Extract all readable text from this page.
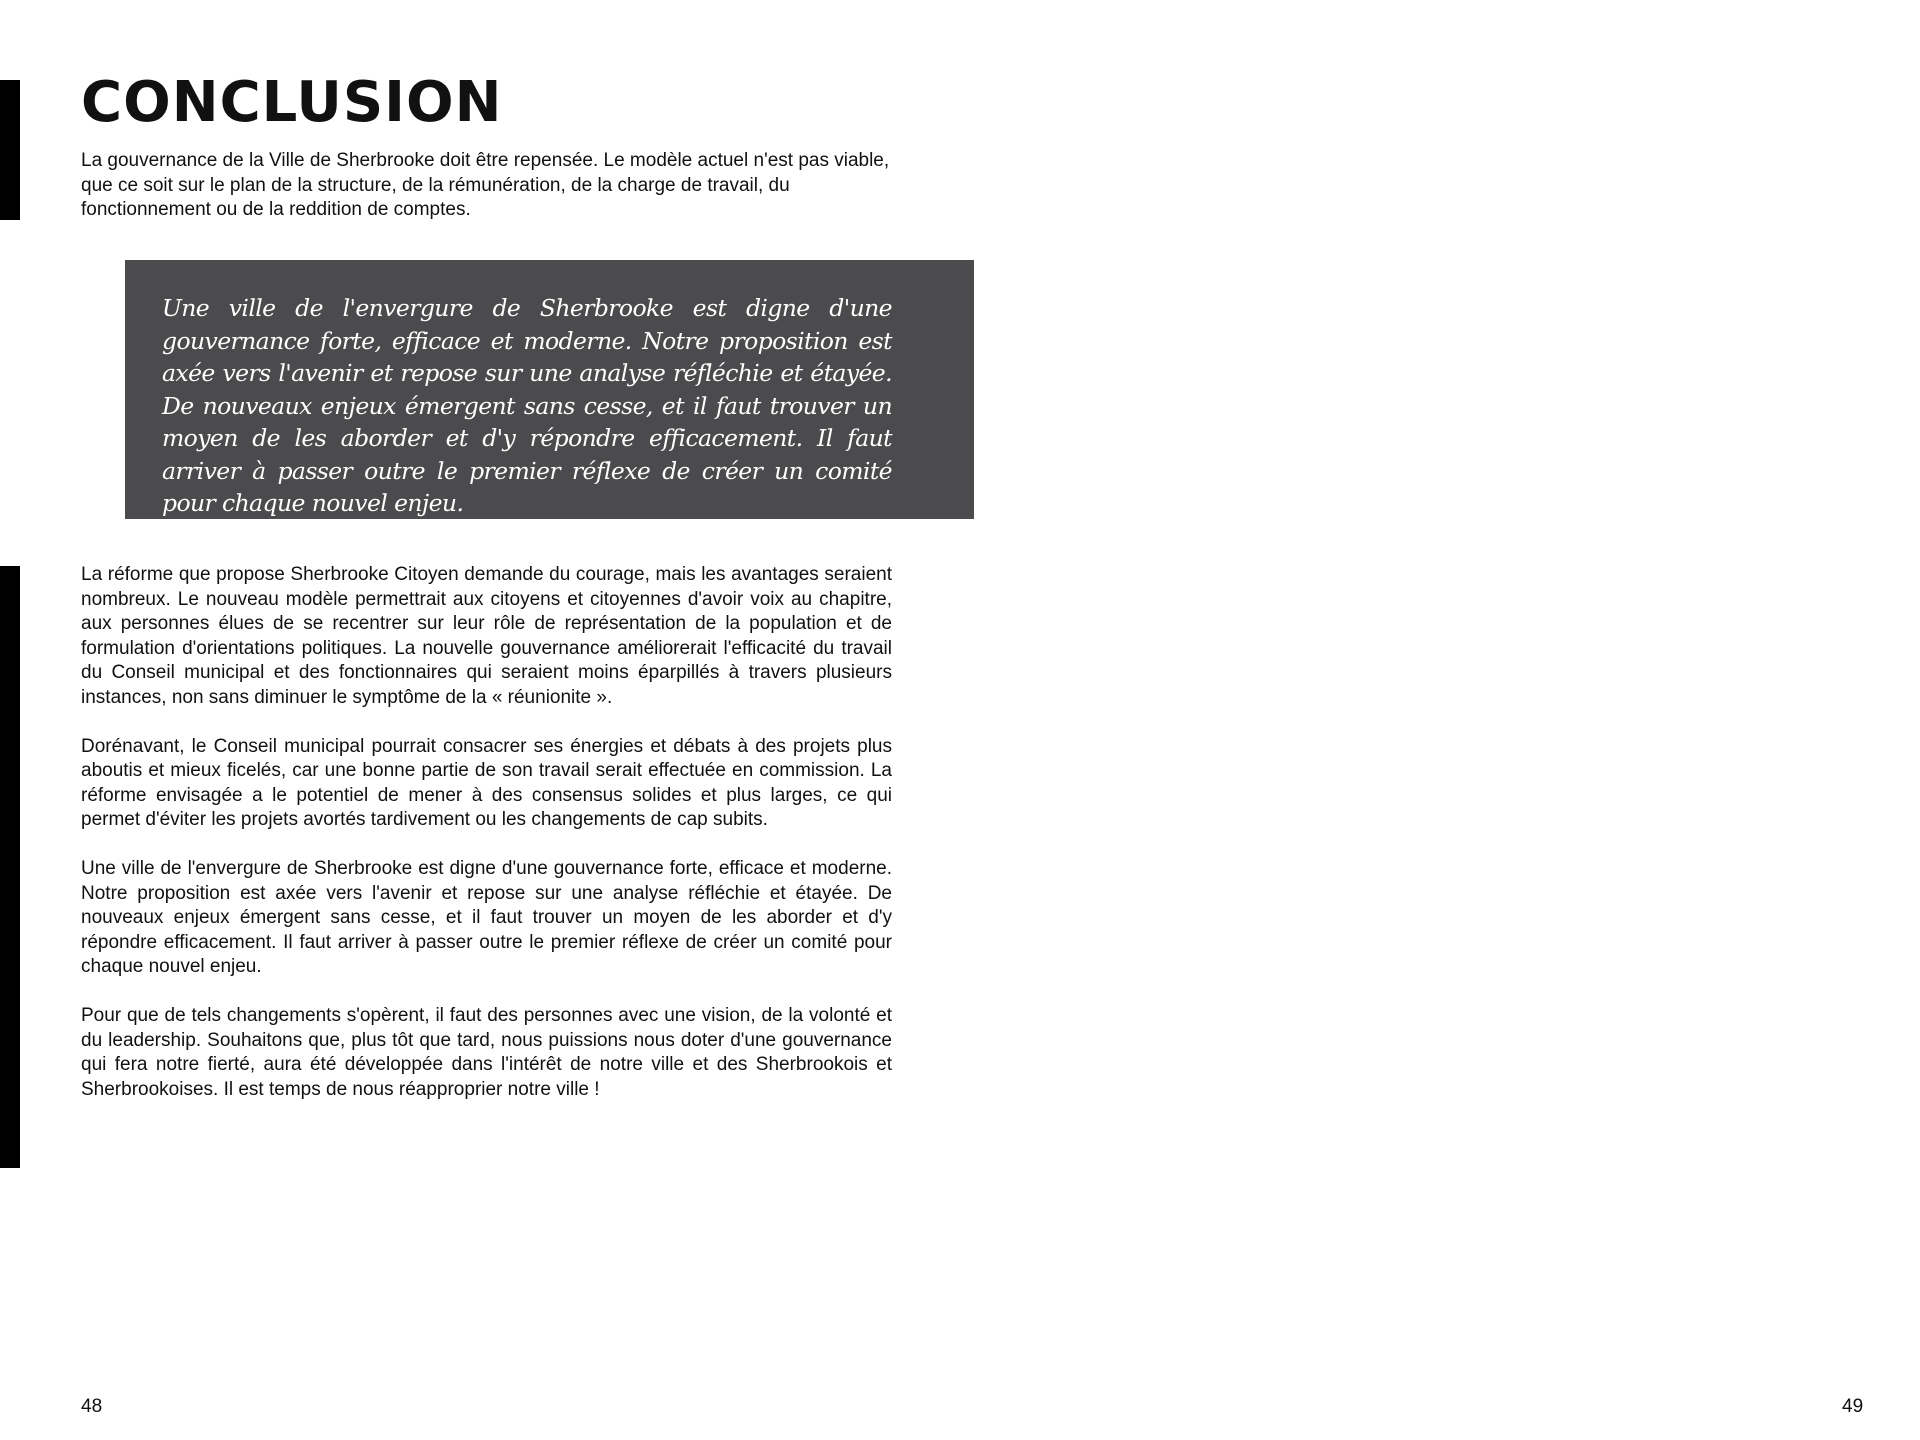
CONCLUSION

La gouvernance de la Ville de Sherbrooke doit être repensée. Le modèle actuel n'est pas viable, que ce soit sur le plan de la structure, de la rémunération, de la charge de travail, du fonctionnement ou de la reddition de comptes.

Une ville de l'envergure de Sherbrooke est digne d'une gouvernance forte, efficace et moderne. Notre proposition est axée vers l'avenir et repose sur une analyse réfléchie et étayée. De nouveaux enjeux émergent sans cesse, et il faut trouver un moyen de les aborder et d'y répondre efficacement. Il faut arriver à passer outre le premier réflexe de créer un comité pour chaque nouvel enjeu.

La réforme que propose Sherbrooke Citoyen demande du courage, mais les avantages seraient nombreux. Le nouveau modèle permettrait aux citoyens et citoyennes d'avoir voix au chapitre, aux personnes élues de se recentrer sur leur rôle de représentation de la population et de formulation d'orientations politiques. La nouvelle gouvernance améliorerait l'efficacité du travail du Conseil municipal et des fonctionnaires qui seraient moins éparpillés à travers plusieurs instances, non sans diminuer le symptôme de la « réunionite ».

Dorénavant, le Conseil municipal pourrait consacrer ses énergies et débats à des projets plus aboutis et mieux ficelés, car une bonne partie de son travail serait effectuée en commission. La réforme envisagée a le potentiel de mener à des consensus solides et plus larges, ce qui permet d'éviter les projets avortés tardivement ou les changements de cap subits.

Une ville de l'envergure de Sherbrooke est digne d'une gouvernance forte, efficace et moderne. Notre proposition est axée vers l'avenir et repose sur une analyse réfléchie et étayée. De nouveaux enjeux émergent sans cesse, et il faut trouver un moyen de les aborder et d'y répondre efficacement. Il faut arriver à passer outre le premier réflexe de créer un comité pour chaque nouvel enjeu.

Pour que de tels changements s'opèrent, il faut des personnes avec une vision, de la volonté et du leadership. Souhaitons que, plus tôt que tard, nous puissions nous doter d'une gouvernance qui fera notre fierté, aura été développée dans l'intérêt de notre ville et des Sherbrookois et Sherbrookoises. Il est temps de nous réapproprier notre ville !

48	49
